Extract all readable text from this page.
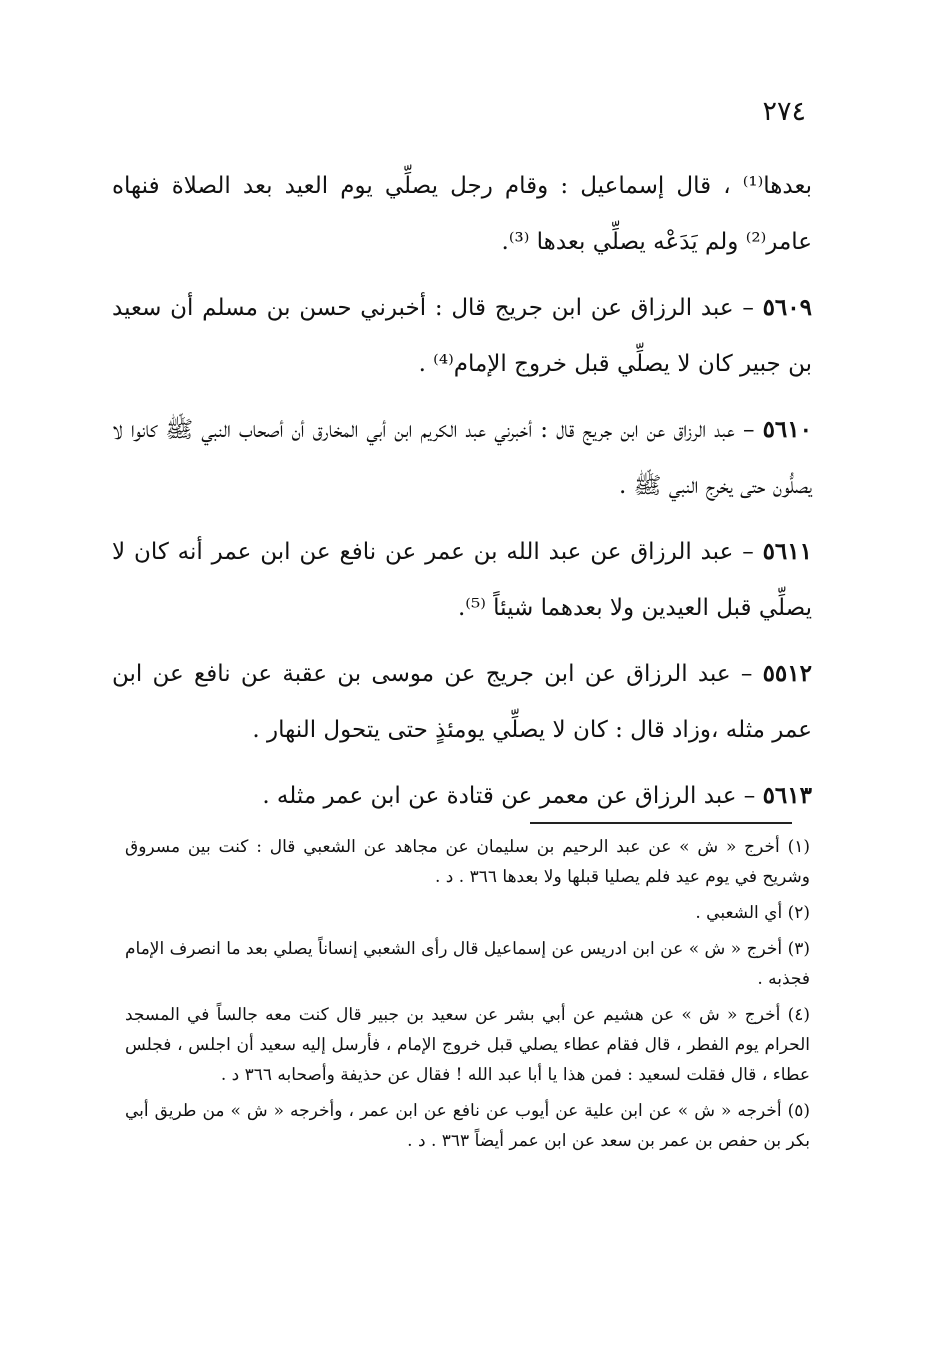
٢٧٤

بعدها⁽¹⁾ ، قال إسماعيل : وقام رجل يصلِّي يوم العيد بعد الصلاة فنهاه عامر⁽²⁾ ولم يَدَعْه يصلِّي بعدها ⁽³⁾.

٥٦٠٩ – عبد الرزاق عن ابن جريج قال : أخبرني حسن بن مسلم أن سعيد بن جبير كان لا يصلِّي قبل خروج الإمام⁽⁴⁾ .

٥٦١٠ – عبد الرزاق عن ابن جريج قال : أخبرني عبد الكريم ابن أبي المخارق أن أصحاب النبي ﷺ كانوا لا يصلُّون حتى يخرج النبي ﷺ .

٥٦١١ – عبد الرزاق عن عبد الله بن عمر عن نافع عن ابن عمر أنه كان لا يصلِّي قبل العيدين ولا بعدهما شيئاً ⁽⁵⁾.

٥٥١٢ – عبد الرزاق عن ابن جريج عن موسى بن عقبة عن نافع عن ابن عمر مثله ،وزاد قال : كان لا يصلِّي يومئذٍ حتى يتحول النهار .

٥٦١٣ – عبد الرزاق عن معمر عن قتادة عن ابن عمر مثله .

(١) أخرج « ش » عن عبد الرحيم بن سليمان عن مجاهد عن الشعبي قال : كنت بين مسروق وشريح في يوم عيد فلم يصليا قبلها ولا بعدها ٣٦٦ . د .

(٢) أي الشعبي .

(٣) أخرج « ش » عن ابن ادريس عن إسماعيل قال رأى الشعبي إنساناً يصلي بعد ما انصرف الإمام فجذبه .

(٤) أخرج « ش » عن هشيم عن أبي بشر عن سعيد بن جبير قال كنت معه جالساً في المسجد الحرام يوم الفطر ، قال فقام عطاء يصلي قبل خروج الإمام ، فأرسل إليه سعيد أن اجلس ، فجلس عطاء ، قال فقلت لسعيد : فمن هذا يا أبا عبد الله ! فقال عن حذيفة وأصحابه ٣٦٦ د .

(٥) أخرجه « ش » عن ابن علية عن أيوب عن نافع عن ابن عمر ، وأخرجه « ش » من طريق أبي بكر بن حفص بن عمر بن سعد عن ابن عمر أيضاً ٣٦٣ . د .
